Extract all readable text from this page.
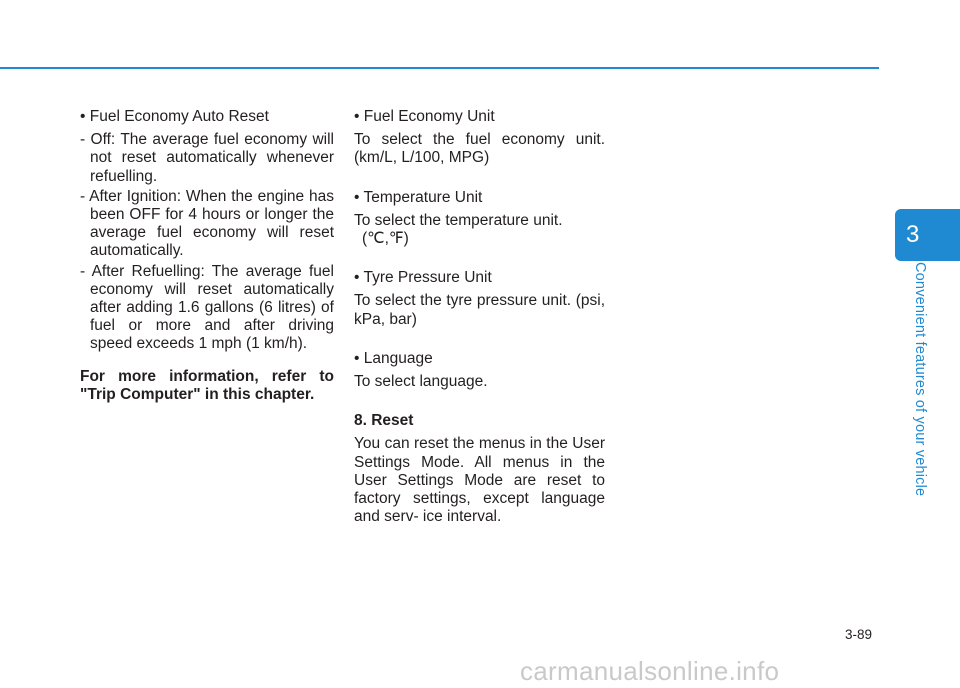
• Fuel Economy Auto Reset

- Off: The average fuel economy will not reset automatically whenever refuelling.

- After Ignition: When the engine has been OFF for 4 hours or longer the average fuel economy will reset automatically.

- After Refuelling: The average fuel economy will reset automatically after adding 1.6 gallons (6 litres) of fuel or more and after driving speed exceeds 1 mph (1 km/h).

For more information, refer to "Trip Computer" in this chapter.

• Fuel Economy Unit

To select the fuel economy unit. (km/L, L/100, MPG)

• Temperature Unit

To select the temperature unit.

(℃,℉)

• Tyre Pressure Unit

To select the tyre pressure unit. (psi, kPa, bar)

• Language

To select language.

8. Reset

You can reset the menus in the User Settings Mode. All menus in the User Settings Mode are reset to factory settings, except language and serv- ice interval.

3
Convenient features of your vehicle
3-89
carmanualsonline.info
